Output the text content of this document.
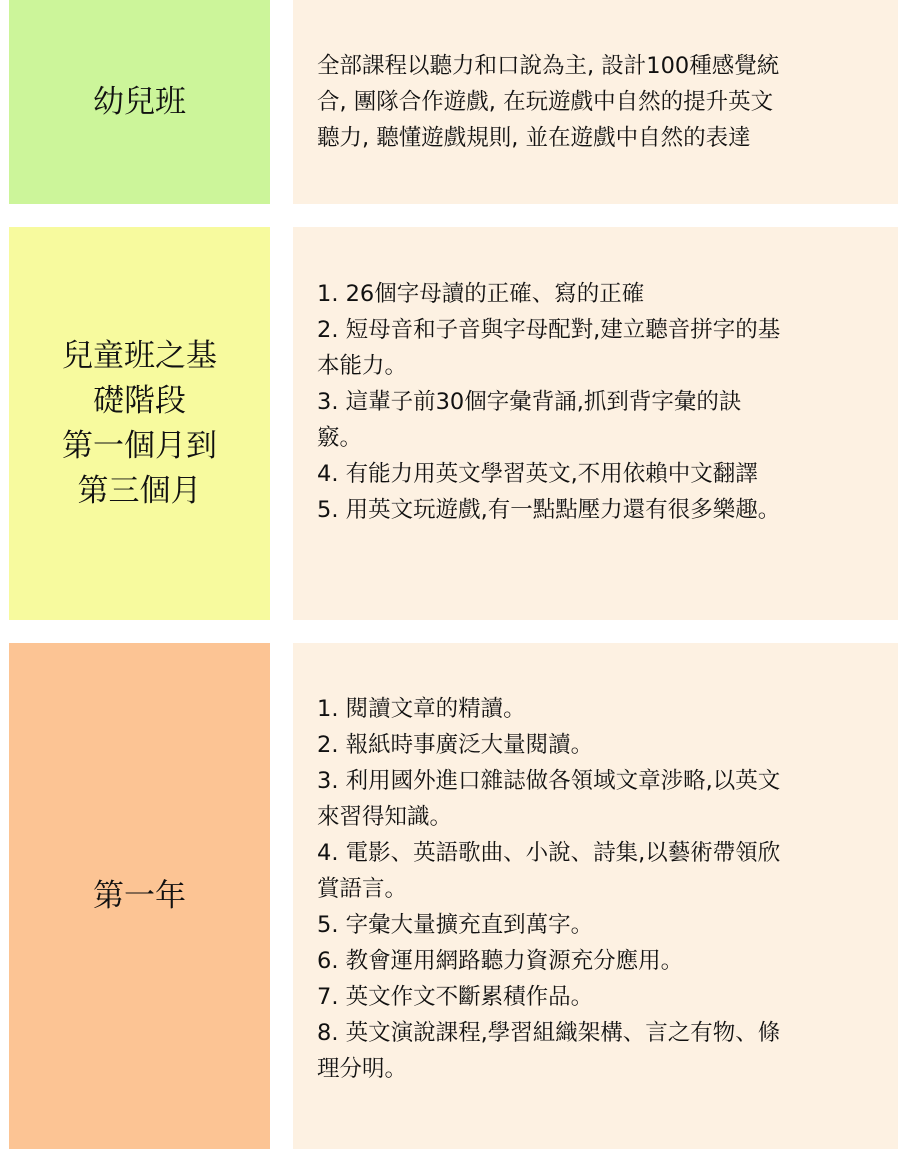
幼兒班
全部課程以聽力和口說為主, 設計100種感覺統
合, 團隊合作遊戲, 在玩遊戲中自然的提升英文
聽力, 聽懂遊戲規則, 並在遊戲中自然的表達
兒童班之基
礎階段
第一個月到
第三個月
1. 26個字母讀的正確、寫的正確
2. 短母音和子音與字母配對,建立聽音拼字的基
本能力。
3. 這輩子前30個字彙背誦,抓到背字彙的訣
竅。
4. 有能力用英文學習英文,不用依賴中文翻譯
5. 用英文玩遊戲,有一點點壓力還有很多樂趣。
第一年
1. 閱讀文章的精讀。
2. 報紙時事廣泛大量閱讀。
3. 利用國外進口雜誌做各領域文章涉略,以英文
來習得知識。
4. 電影、英語歌曲、小說、詩集,以藝術帶領欣
賞語言。
5. 字彙大量擴充直到萬字。
6. 教會運用網路聽力資源充分應用。
7. 英文作文不斷累積作品。
8. 英文演說課程,學習組織架構、言之有物、條
理分明。
